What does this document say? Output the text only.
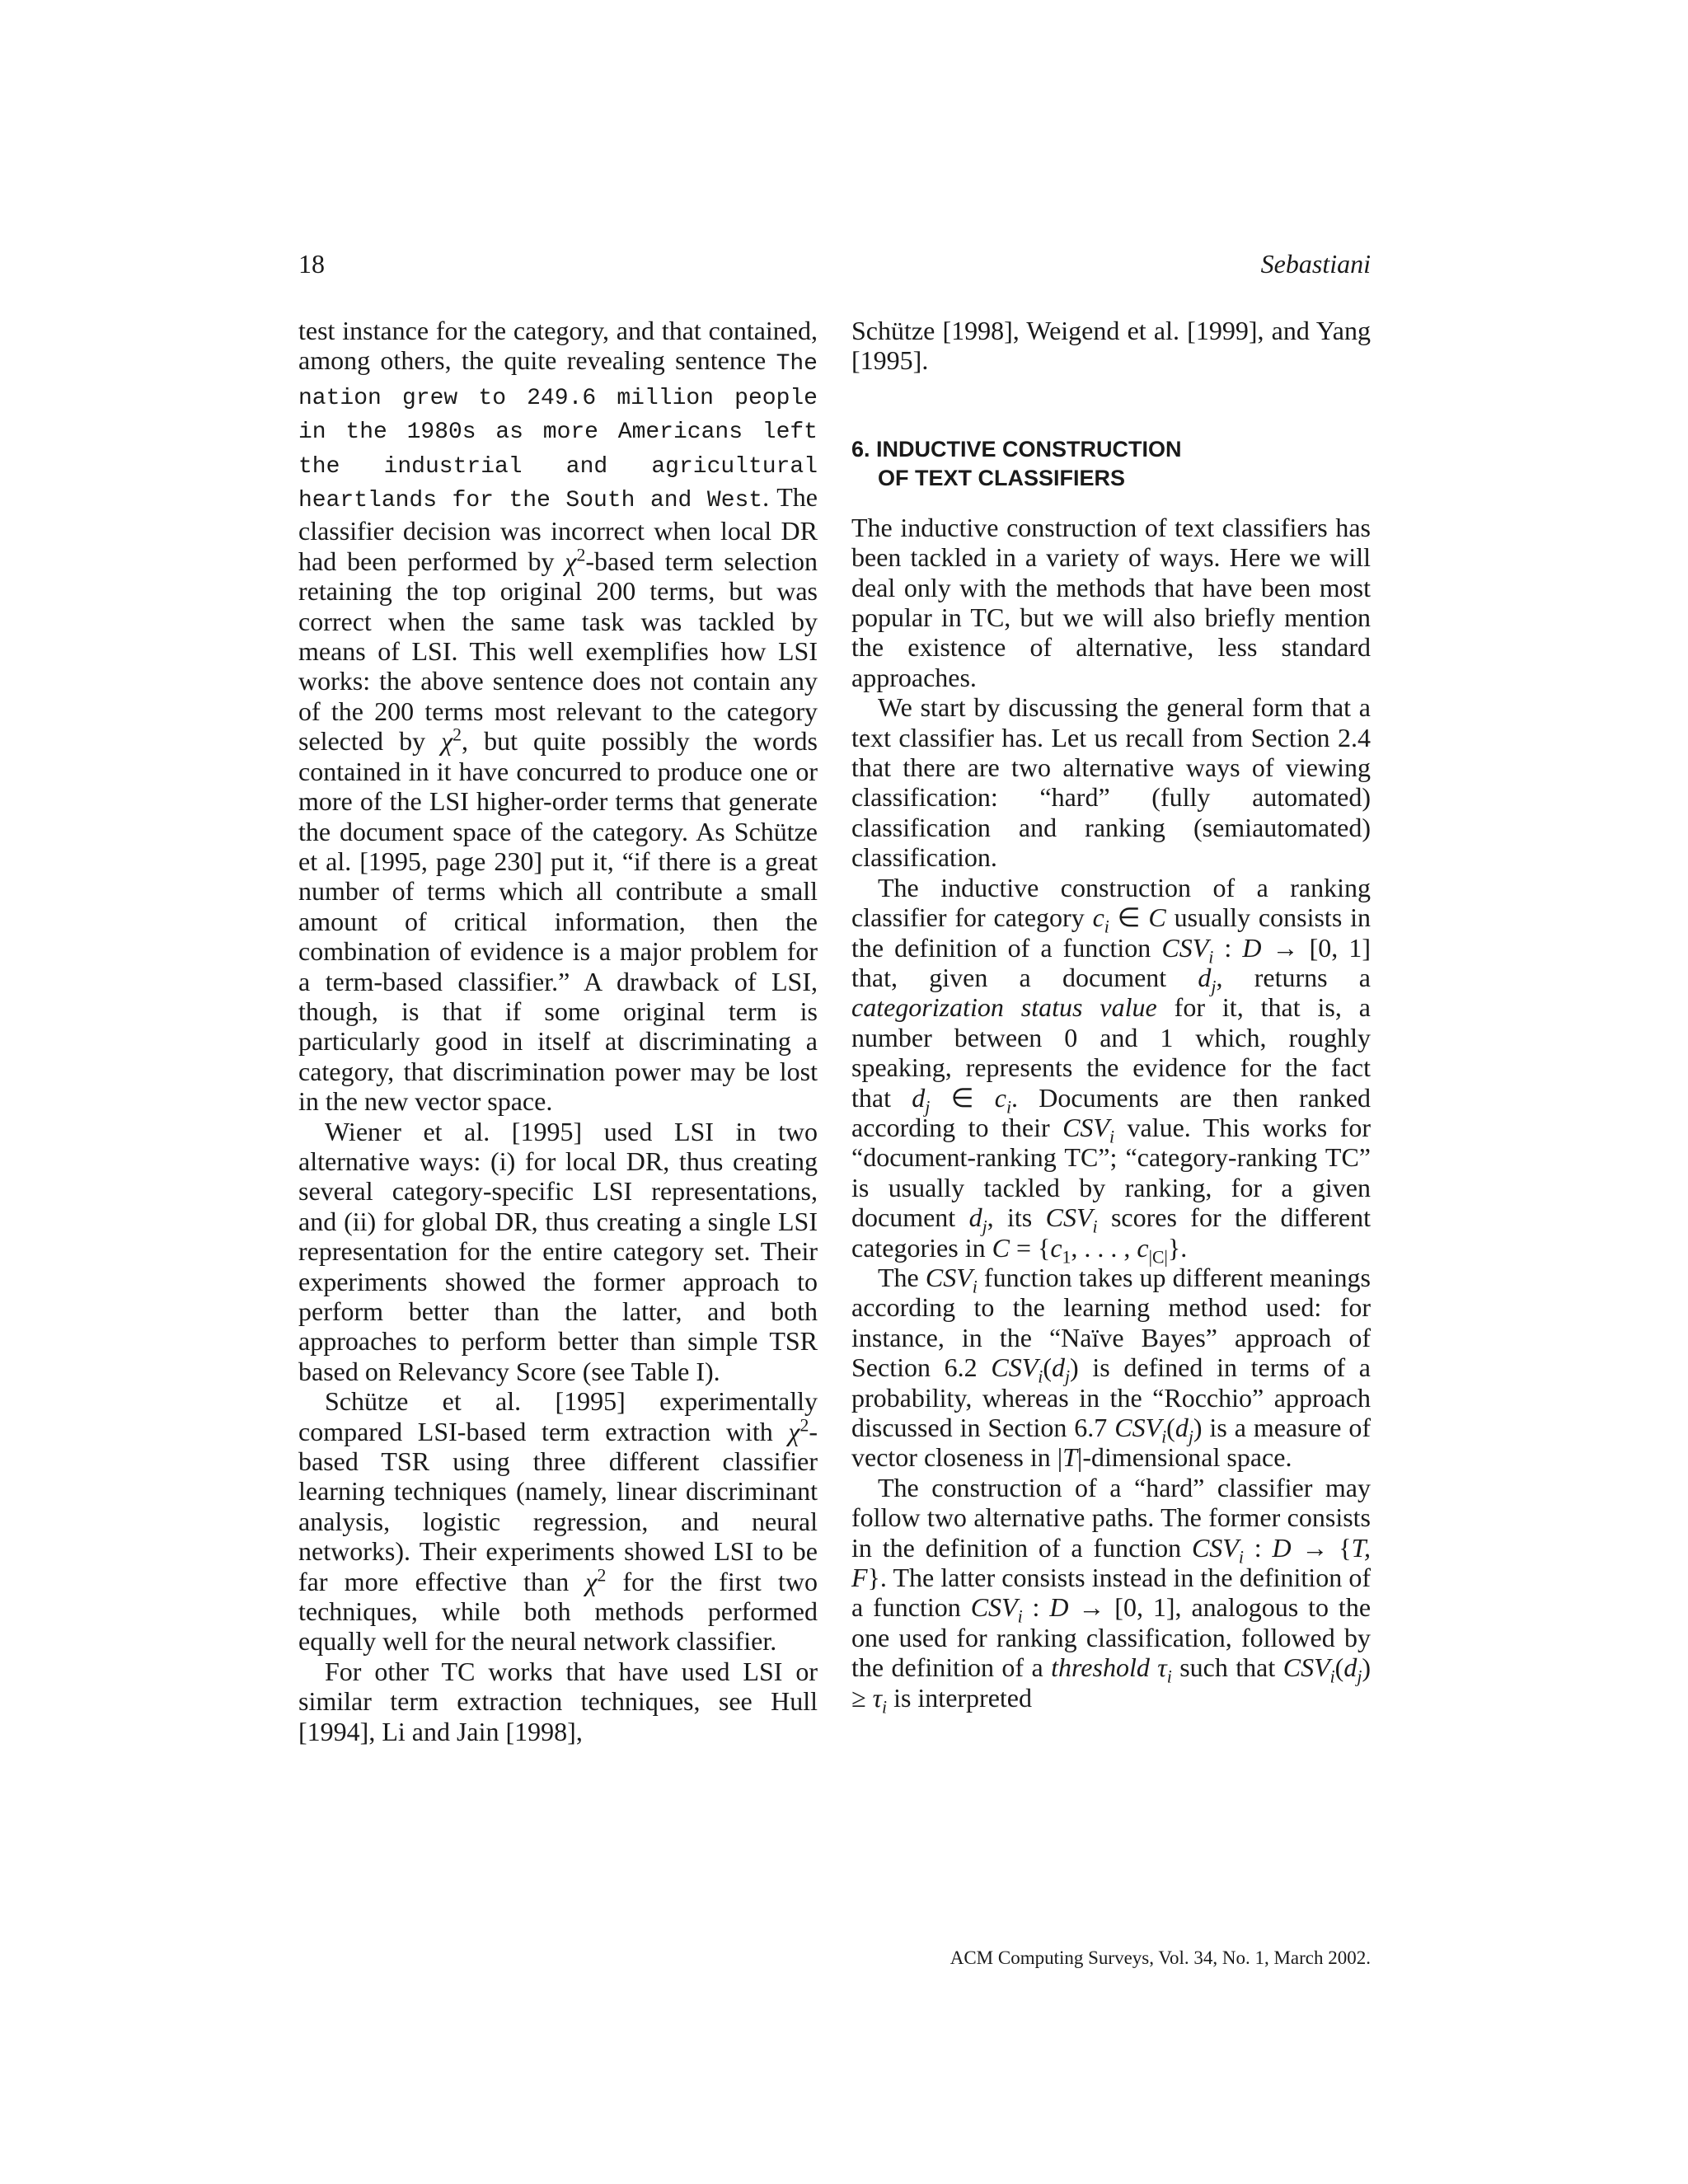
18	Sebastiani

test instance for the category, and that contained, among others, the quite revealing sentence The nation grew to 249.6 million people in the 1980s as more Americans left the industrial and agricultural heartlands for the South and West. The classifier decision was incorrect when local DR had been performed by $\chi^2$-based term selection retaining the top original 200 terms, but was correct when the same task was tackled by means of LSI. This well exemplifies how LSI works: the above sentence does not contain any of the 200 terms most relevant to the category selected by $\chi^2$, but quite possibly the words contained in it have concurred to produce one or more of the LSI higher-order terms that generate the document space of the category. As Schütze et al. [1995, page 230] put it, “if there is a great number of terms which all contribute a small amount of critical information, then the combination of evidence is a major problem for a term-based classifier.” A drawback of LSI, though, is that if some original term is particularly good in itself at discriminating a category, that discrimination power may be lost in the new vector space.

Wiener et al. [1995] used LSI in two alternative ways: (i) for local DR, thus creating several category-specific LSI representations, and (ii) for global DR, thus creating a single LSI representation for the entire category set. Their experiments showed the former approach to perform better than the latter, and both approaches to perform better than simple TSR based on Relevancy Score (see Table I).

Schütze et al. [1995] experimentally compared LSI-based term extraction with $\chi^2$-based TSR using three different classifier learning techniques (namely, linear discriminant analysis, logistic regression, and neural networks). Their experiments showed LSI to be far more effective than $\chi^2$ for the first two techniques, while both methods performed equally well for the neural network classifier.

For other TC works that have used LSI or similar term extraction techniques, see Hull [1994], Li and Jain [1998],

Schütze [1998], Weigend et al. [1999], and Yang [1995].

6. INDUCTIVE CONSTRUCTION
OF TEXT CLASSIFIERS

The inductive construction of text classifiers has been tackled in a variety of ways. Here we will deal only with the methods that have been most popular in TC, but we will also briefly mention the existence of alternative, less standard approaches.

We start by discussing the general form that a text classifier has. Let us recall from Section 2.4 that there are two alternative ways of viewing classification: “hard” (fully automated) classification and ranking (semiautomated) classification.

The inductive construction of a ranking classifier for category $c_i$ ∈ C usually consists in the definition of a function $CSV_i$ : D → [0, 1] that, given a document $d_j$, returns a categorization status value for it, that is, a number between 0 and 1 which, roughly speaking, represents the evidence for the fact that $d_j$ ∈ $c_i$. Documents are then ranked according to their $CSV_i$ value. This works for “document-ranking TC”; “category-ranking TC” is usually tackled by ranking, for a given document $d_j$, its $CSV_i$ scores for the different categories in $C = \{c_1$, . . . , $c_{|C|}$}.

The $CSV_i$ function takes up different meanings according to the learning method used: for instance, in the “Naïve Bayes” approach of Section 6.2 $CSV_i(d_j)$ is defined in terms of a probability, whereas in the “Rocchio” approach discussed in Section 6.7 $CSV_i(d_j)$ is a measure of vector closeness in |T|-dimensional space.

The construction of a “hard” classifier may follow two alternative paths. The former consists in the definition of a function $CSV_i$ : D → {T, F}. The latter consists instead in the definition of a function $CSV_i$ : D → [0, 1], analogous to the one used for ranking classification, followed by the definition of a threshold $\tau_i$ such that $CSV_i(d_j) \ge \tau_i$ is interpreted

ACM Computing Surveys, Vol. 34, No. 1, March 2002.
